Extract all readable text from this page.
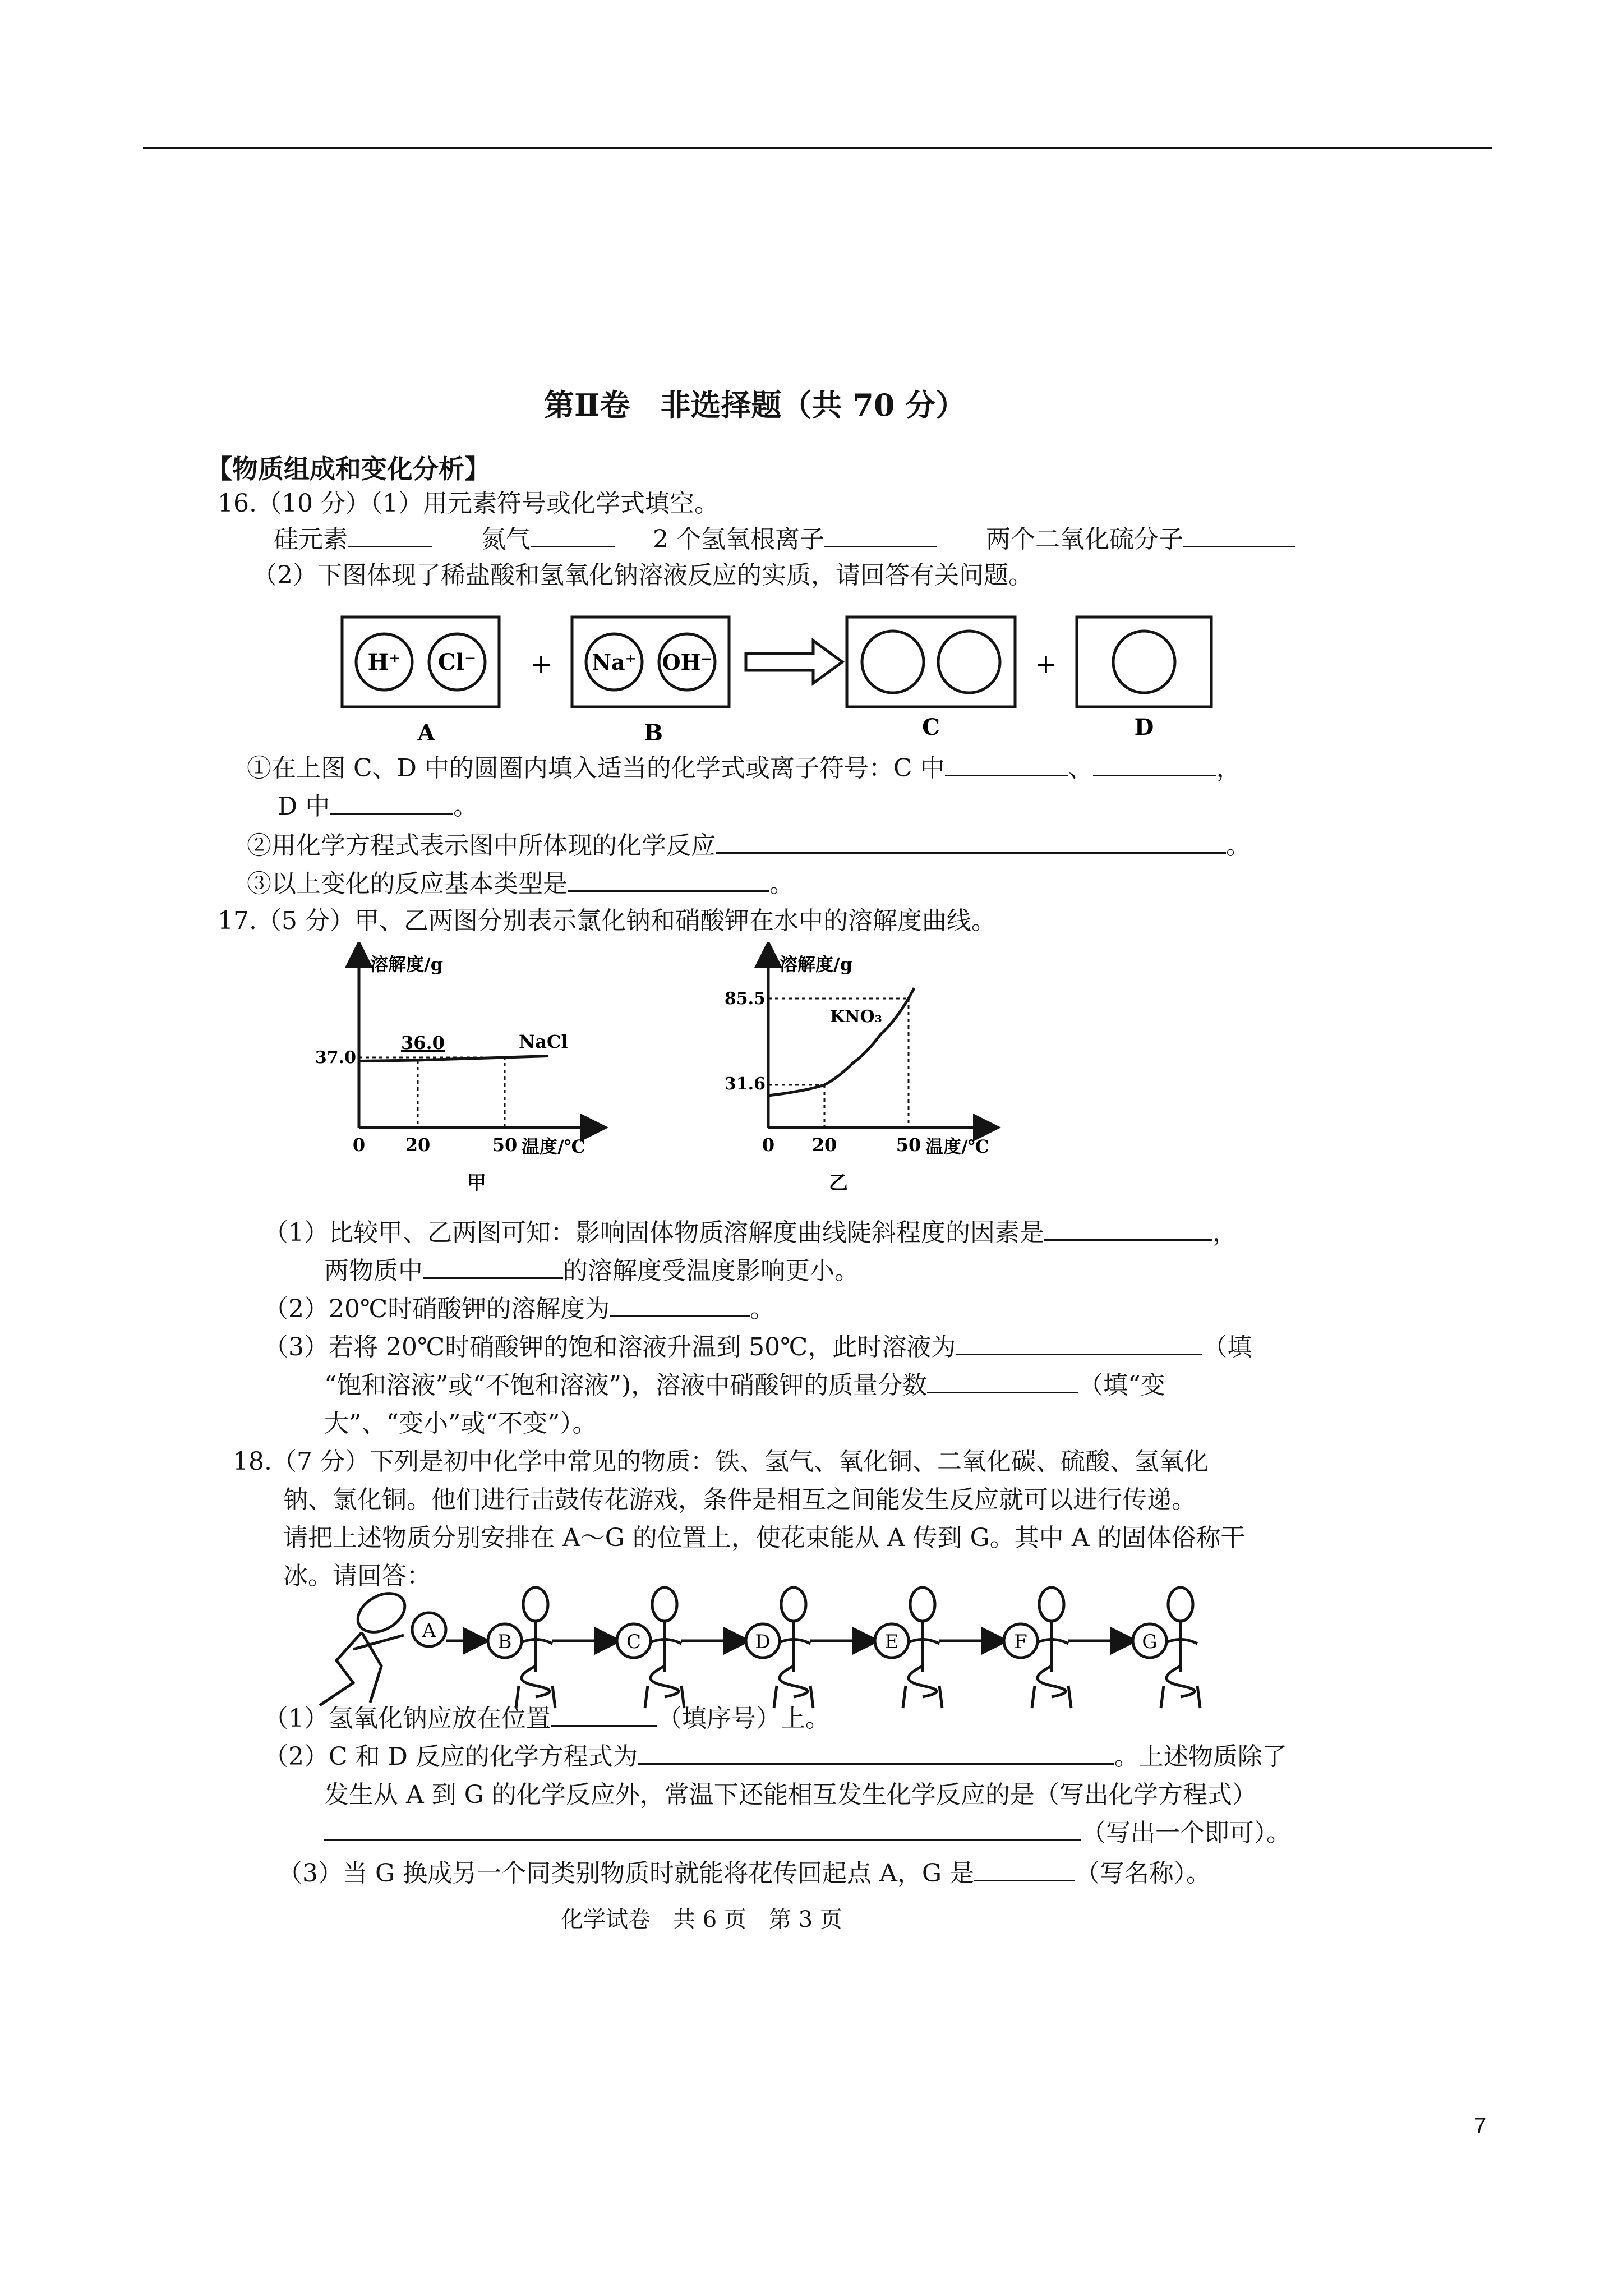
第Ⅱ卷　非选择题（共 70 分）
【物质组成和变化分析】
16.（10 分）（1）用元素符号或化学式填空。
硅元素	氮气	2 个氢氧根离子	两个二氧化硫分子
（2）下图体现了稀盐酸和氢氧化钠溶液反应的实质，请回答有关问题。
H⁺ Cl⁻ + Na⁺ OH⁻	+
A	B	C	D
①在上图 C、D 中的圆圈内填入适当的化学式或离子符号：C 中	、	，
D 中	。
②用化学方程式表示图中所体现的化学反应	。
③以上变化的反应基本类型是	。
17.（5 分）甲、乙两图分别表示氯化钠和硝酸钾在水中的溶解度曲线。
溶解度/g
温度/℃
0 20	50
37.0
36.0	NaCl
甲
溶解度/g
温度/℃
0 20	50
85.5
31.6
KNO₃
乙
（1）比较甲、乙两图可知：影响固体物质溶解度曲线陡斜程度的因素是	，
两物质中	的溶解度受温度影响更小。
（2）20℃时硝酸钾的溶解度为	。
（3）若将 20℃时硝酸钾的饱和溶液升温到 50℃，此时溶液为	（填
“饱和溶液”或“不饱和溶液”)，溶液中硝酸钾的质量分数	（填“变
大”、“变小”或“不变”）。
18.（7 分）下列是初中化学中常见的物质：铁、氢气、氧化铜、二氧化碳、硫酸、氢氧化
钠、氯化铜。他们进行击鼓传花游戏，条件是相互之间能发生反应就可以进行传递。
请把上述物质分别安排在 A～G 的位置上，使花束能从 A 传到 G。其中 A 的固体俗称干
冰。请回答：
A	B	C	D	E	F	G
（1）氢氧化钠应放在位置	（填序号）上。
（2）C 和 D 反应的化学方程式为	。上述物质除了
发生从 A 到 G 的化学反应外，常温下还能相互发生化学反应的是（写出化学方程式）
（写出一个即可）。
（3）当 G 换成另一个同类别物质时就能将花传回起点 A，G 是	（写名称）。
化学试卷　共 6 页　第 3 页
7
